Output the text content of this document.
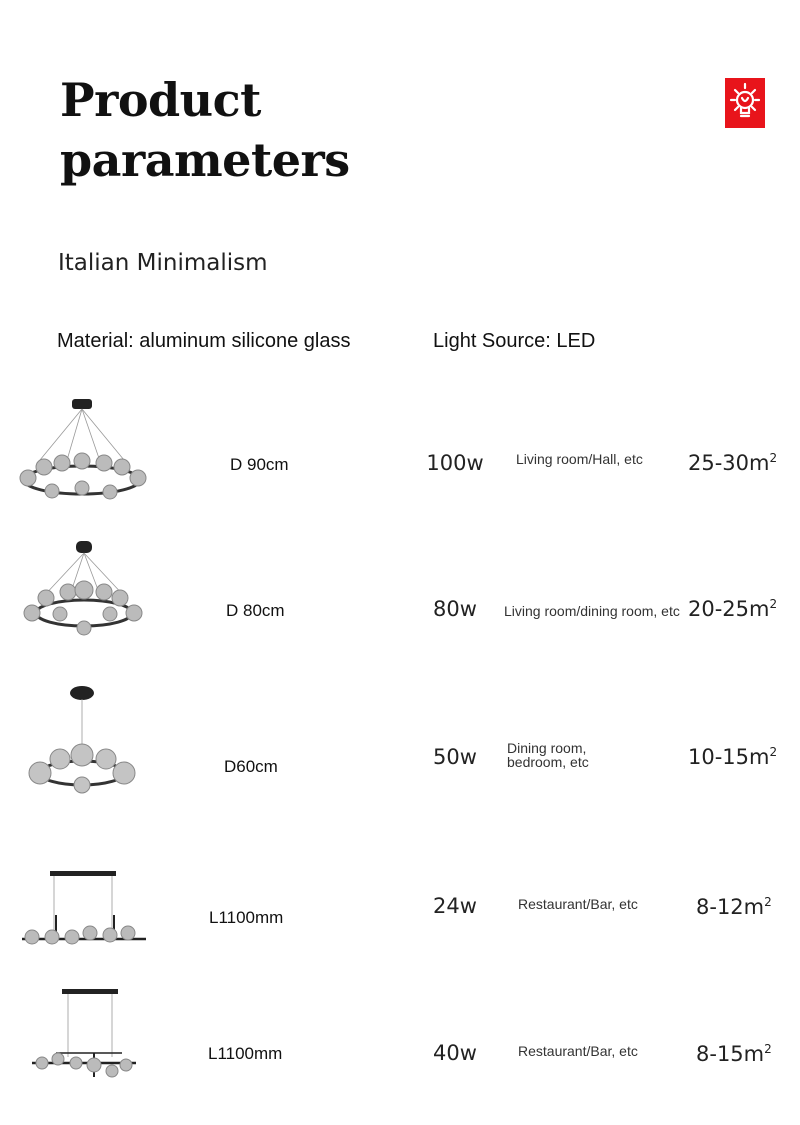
Product
parameters
Italian Minimalism
Material: aluminum silicone glass	Light Source: LED
D 90cm	100w	Living room/Hall, etc $25-30m^2$
D 80cm	80w	Living room/dining room, etc $20-25m^2$
D60cm	50w	Dining room,
bedroom, etc	$10-15m^2$
L1100mm	24w	Restaurant/Bar, etc	$8-12m^2$
L1100mm	40w	Restaurant/Bar, etc	$8-15m^2$
